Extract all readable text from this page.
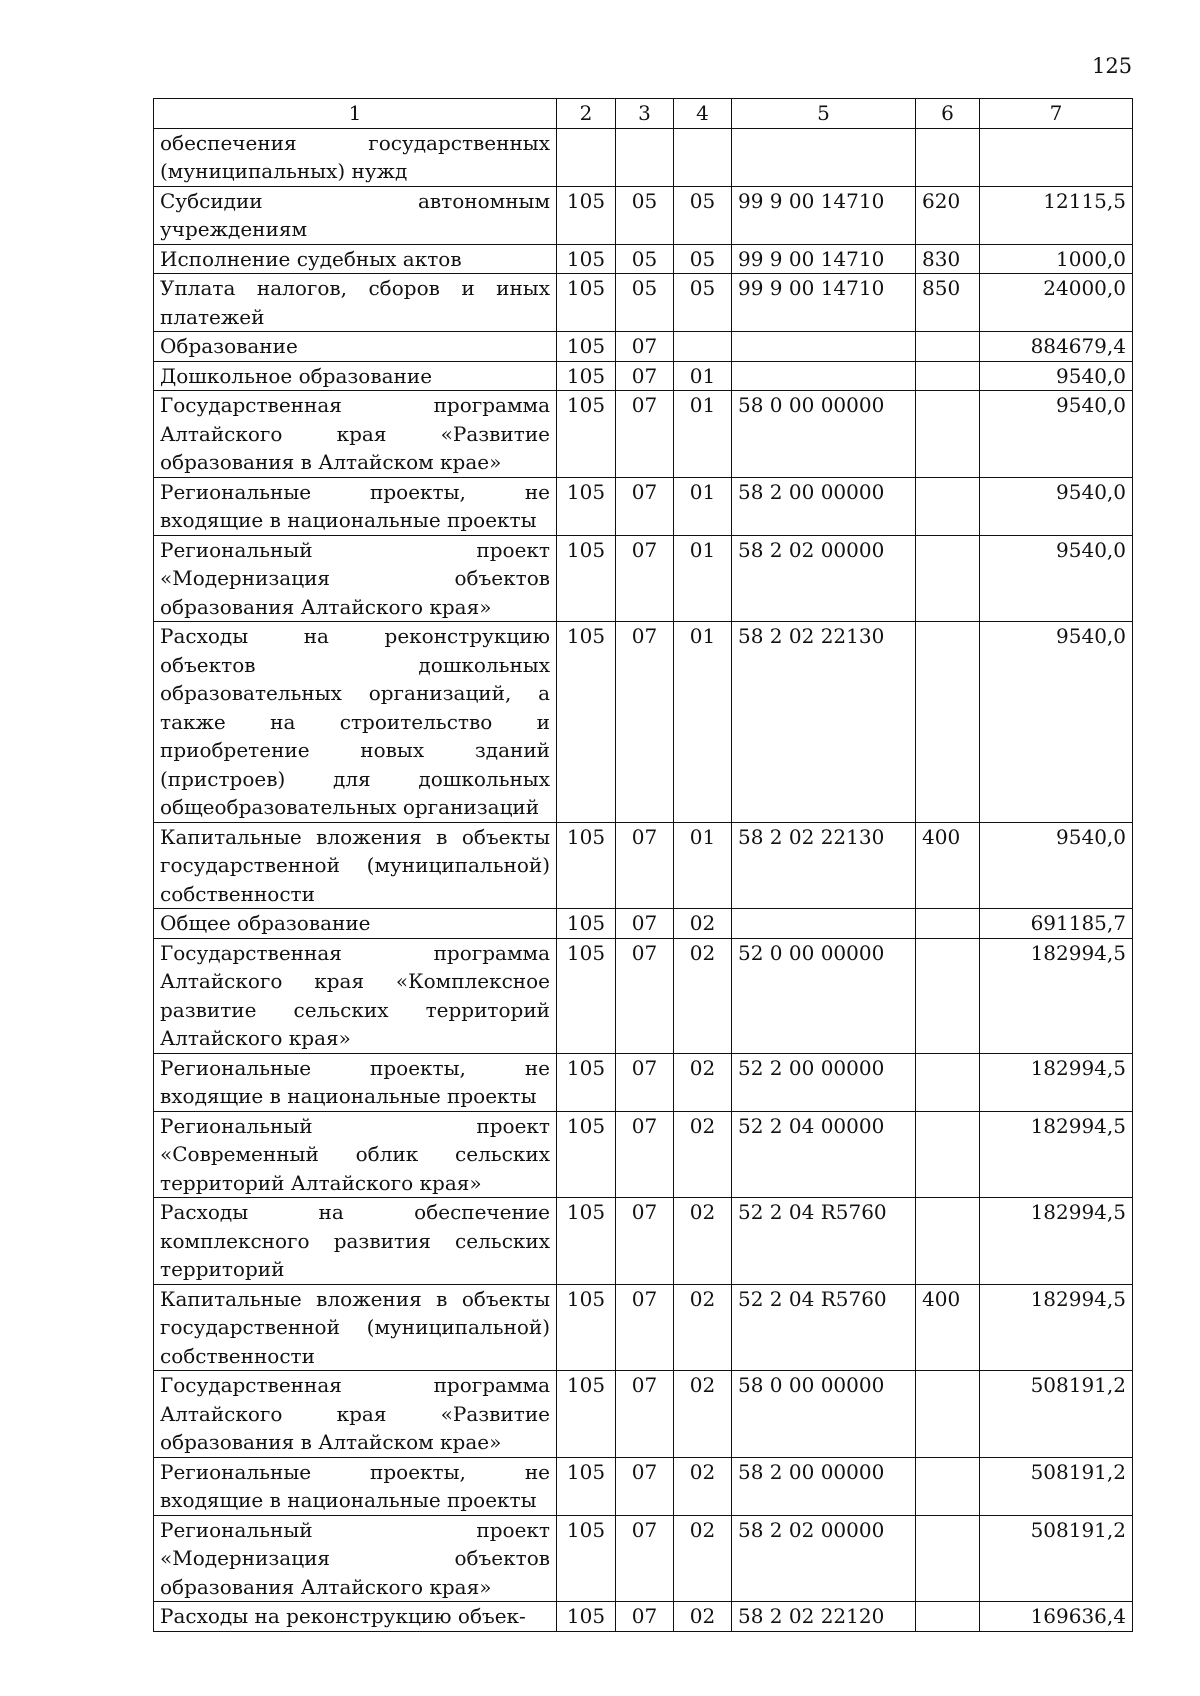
125
1	2	3	4	5	6	7
обеспечения государственных (муниципальных) нужд						
Субсидии автономным учреждениям	105	05	05	99 9 00 14710	620	12115,5
Исполнение судебных актов	105	05	05	99 9 00 14710	830	1000,0
Уплата налогов, сборов и иных платежей	105	05	05	99 9 00 14710	850	24000,0
Образование	105	07				884679,4
Дошкольное образование	105	07	01			9540,0
Государственная программа Алтайского края «Развитие образования в Алтайском крае»	105	07	01	58 0 00 00000		9540,0
Региональные проекты, не входящие в национальные проекты	105	07	01	58 2 00 00000		9540,0
Региональный проект «Модернизация объектов образования Алтайского края»	105	07	01	58 2 02 00000		9540,0
Расходы на реконструкцию объектов дошкольных образовательных организаций, а также на строительство и приобретение новых зданий (пристроев) для дошкольных общеобразовательных организаций	105	07	01	58 2 02 22130		9540,0
Капитальные вложения в объекты государственной (муниципальной) собственности	105	07	01	58 2 02 22130	400	9540,0
Общее образование	105	07	02			691185,7
Государственная программа Алтайского края «Комплексное развитие сельских территорий Алтайского края»	105	07	02	52 0 00 00000		182994,5
Региональные проекты, не входящие в национальные проекты	105	07	02	52 2 00 00000		182994,5
Региональный проект «Современный облик сельских территорий Алтайского края»	105	07	02	52 2 04 00000		182994,5
Расходы на обеспечение комплексного развития сельских территорий	105	07	02	52 2 04 R5760		182994,5
Капитальные вложения в объекты государственной (муниципальной) собственности	105	07	02	52 2 04 R5760	400	182994,5
Государственная программа Алтайского края «Развитие образования в Алтайском крае»	105	07	02	58 0 00 00000		508191,2
Региональные проекты, не входящие в национальные проекты	105	07	02	58 2 00 00000		508191,2
Региональный проект «Модернизация объектов образования Алтайского края»	105	07	02	58 2 02 00000		508191,2
Расходы на реконструкцию объек-	105	07	02	58 2 02 22120		169636,4
